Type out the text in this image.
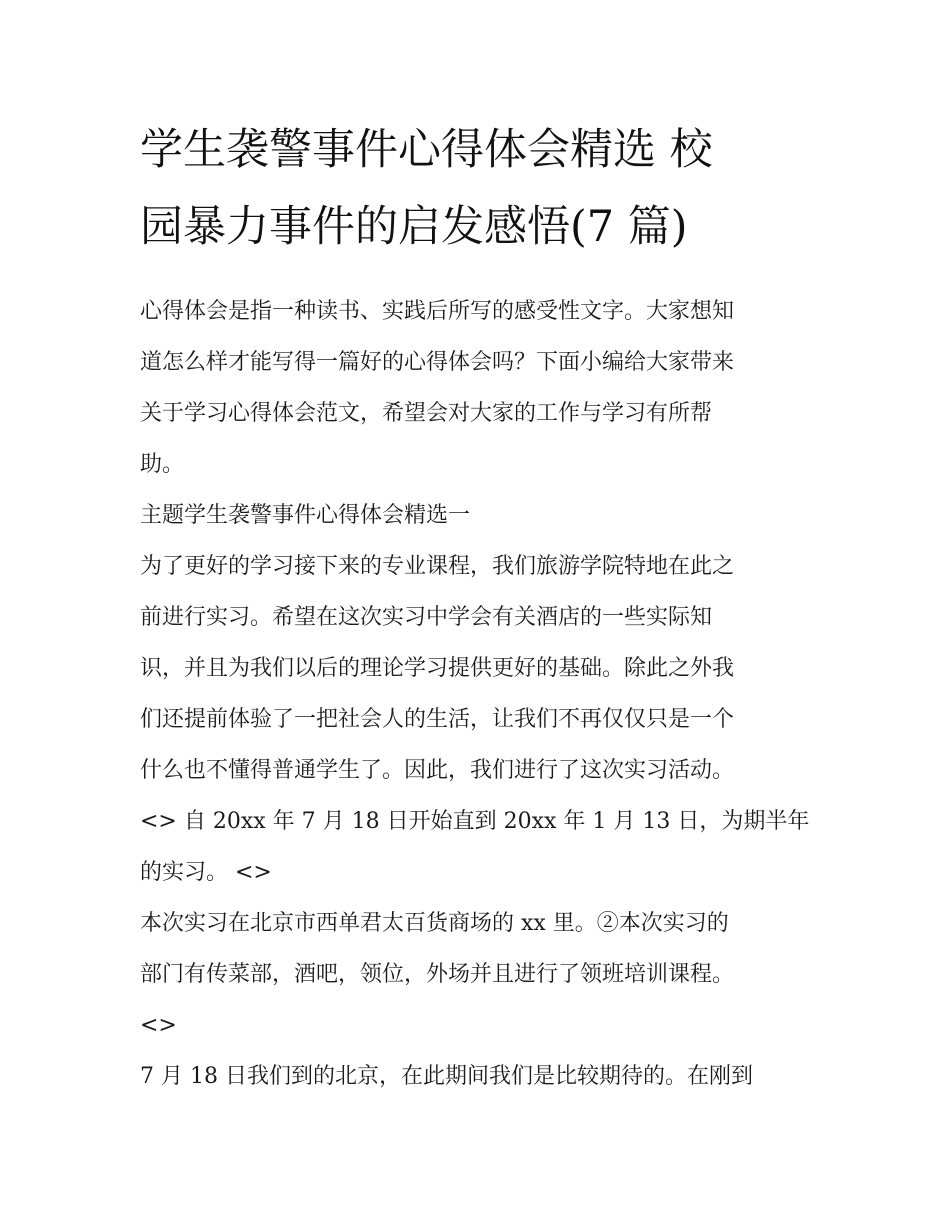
学生袭警事件心得体会精选 校
园暴力事件的启发感悟(7 篇)

心得体会是指一种读书、实践后所写的感受性文字。大家想知
道怎么样才能写得一篇好的心得体会吗？下面小编给大家带来
关于学习心得体会范文，希望会对大家的工作与学习有所帮
助。

主题学生袭警事件心得体会精选一

为了更好的学习接下来的专业课程，我们旅游学院特地在此之
前进行实习。希望在这次实习中学会有关酒店的一些实际知
识，并且为我们以后的理论学习提供更好的基础。除此之外我
们还提前体验了一把社会人的生活，让我们不再仅仅只是一个
什么也不懂得普通学生了。因此，我们进行了这次实习活动。

<> 自 20xx 年 7 月 18 日开始直到 20xx 年 1 月 13 日，为期半年
的实习。 <>

本次实习在北京市西单君太百货商场的 xx 里。②本次实习的
部门有传菜部，酒吧，领位，外场并且进行了领班培训课程。
<>

7 月 18 日我们到的北京，在此期间我们是比较期待的。在刚到
